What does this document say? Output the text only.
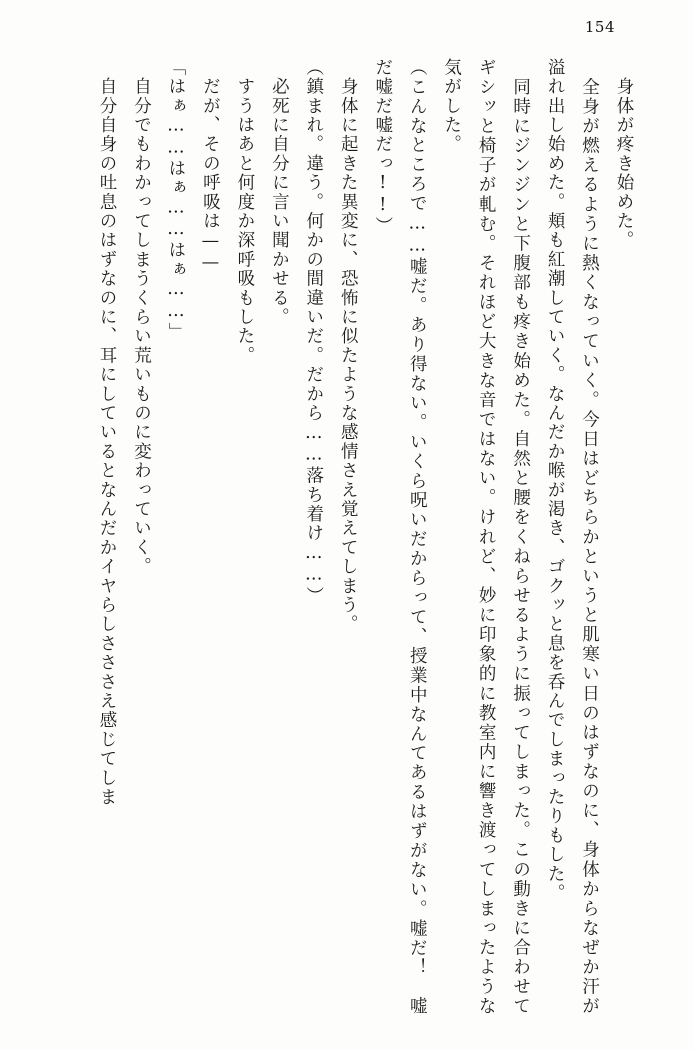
154

　身体が疼き始めた。

　全身が燃えるように熱くなっていく。今日はどちらかというと肌寒い日のはずなのに、身体からなぜか汗が溢れ出し始めた。頬も紅潮していく。なんだか喉が渇き、ゴクッと息を呑んでしまったりもした。

　同時にジンジンと下腹部も疼き始めた。自然と腰をくねらせるように振ってしまった。この動きに合わせてギシッと椅子が軋む。それほど大きな音ではない。けれど、妙に印象的に教室内に響き渡ってしまったような気がした。

（こんなところで……嘘だ。あり得ない。いくら呪いだからって、授業中なんてあるはずがない。嘘だ！　嘘だ嘘だ嘘だっ!!）

　身体に起きた異変に、恐怖に似たような感情さえ覚えてしまう。

（鎮まれ。違う。何かの間違いだ。だから……落ち着け……）

　必死に自分に言い聞かせる。

　すうはあと何度か深呼吸もした。

　だが、その呼吸は——

「はぁ……はぁ……はぁ……」

　自分でもわかってしまうくらい荒いものに変わっていく。

　自分自身の吐息のはずなのに、耳にしているとなんだかイヤらしさささえ感じてしま
